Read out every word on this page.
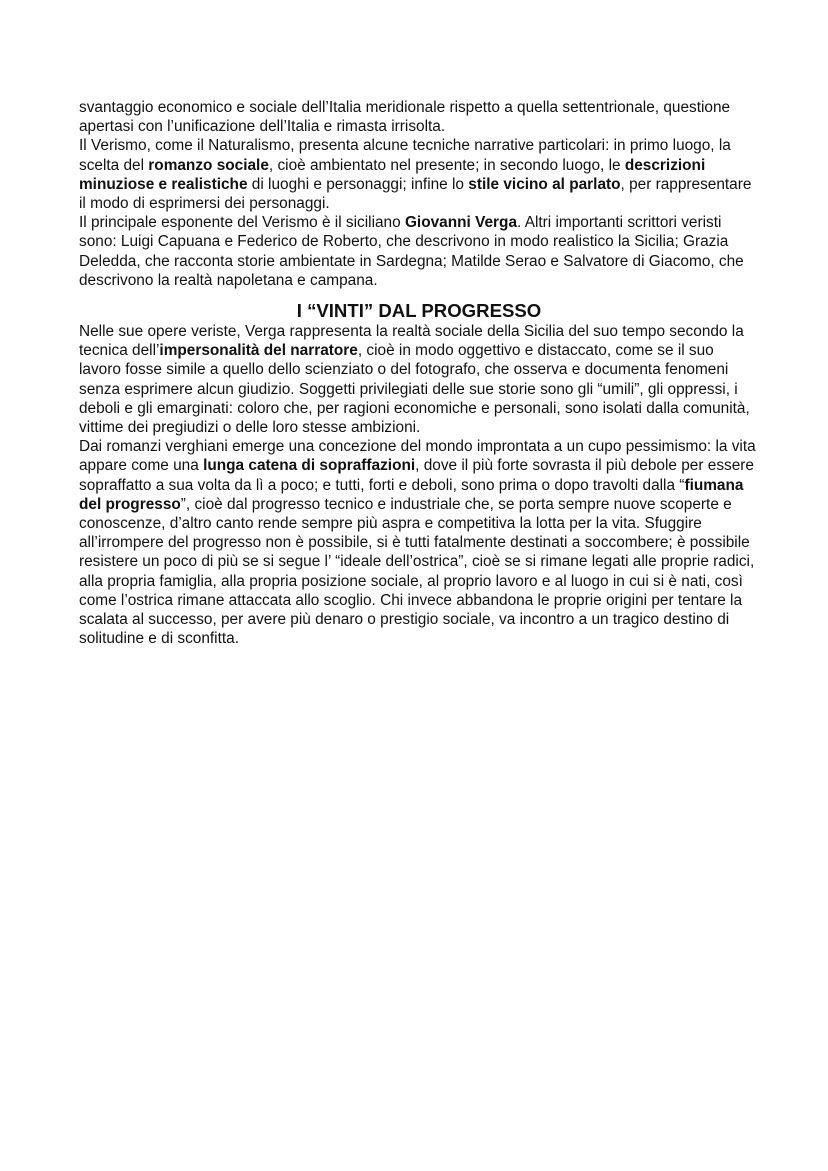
svantaggio economico e sociale dell’Italia meridionale rispetto a quella settentrionale, questione apertasi con l’unificazione dell’Italia e rimasta irrisolta.

Il Verismo, come il Naturalismo, presenta alcune tecniche narrative particolari: in primo luogo, la scelta del romanzo sociale, cioè ambientato nel presente; in secondo luogo, le descrizioni minuziose e realistiche di luoghi e personaggi; infine lo stile vicino al parlato, per rappresentare il modo di esprimersi dei personaggi.

Il principale esponente del Verismo è il siciliano Giovanni Verga. Altri importanti scrittori veristi sono: Luigi Capuana e Federico de Roberto, che descrivono in modo realistico la Sicilia; Grazia Deledda, che racconta storie ambientate in Sardegna; Matilde Serao e Salvatore di Giacomo, che descrivono la realtà napoletana e campana.

I “VINTI” DAL PROGRESSO

Nelle sue opere veriste, Verga rappresenta la realtà sociale della Sicilia del suo tempo secondo la tecnica dell’impersonalità del narratore, cioè in modo oggettivo e distaccato, come se il suo lavoro fosse simile a quello dello scienziato o del fotografo, che osserva e documenta fenomeni senza esprimere alcun giudizio. Soggetti privilegiati delle sue storie sono gli “umili”, gli oppressi, i deboli e gli emarginati: coloro che, per ragioni economiche e personali, sono isolati dalla comunità, vittime dei pregiudizi o delle loro stesse ambizioni.

Dai romanzi verghiani emerge una concezione del mondo improntata a un cupo pessimismo: la vita appare come una lunga catena di sopraffazioni, dove il più forte sovrasta il più debole per essere sopraffatto a sua volta da lì a poco; e tutti, forti e deboli, sono prima o dopo travolti dalla “fiumana del progresso”, cioè dal progresso tecnico e industriale che, se porta sempre nuove scoperte e conoscenze, d’altro canto rende sempre più aspra e competitiva la lotta per la vita. Sfuggire all’irrompere del progresso non è possibile, si è tutti fatalmente destinati a soccombere; è possibile resistere un poco di più se si segue l’ “ideale dell’ostrica”, cioè se si rimane legati alle proprie radici, alla propria famiglia, alla propria posizione sociale, al proprio lavoro e al luogo in cui si è nati, così come l’ostrica rimane attaccata allo scoglio. Chi invece abbandona le proprie origini per tentare la scalata al successo, per avere più denaro o prestigio sociale, va incontro a un tragico destino di solitudine e di sconfitta.
